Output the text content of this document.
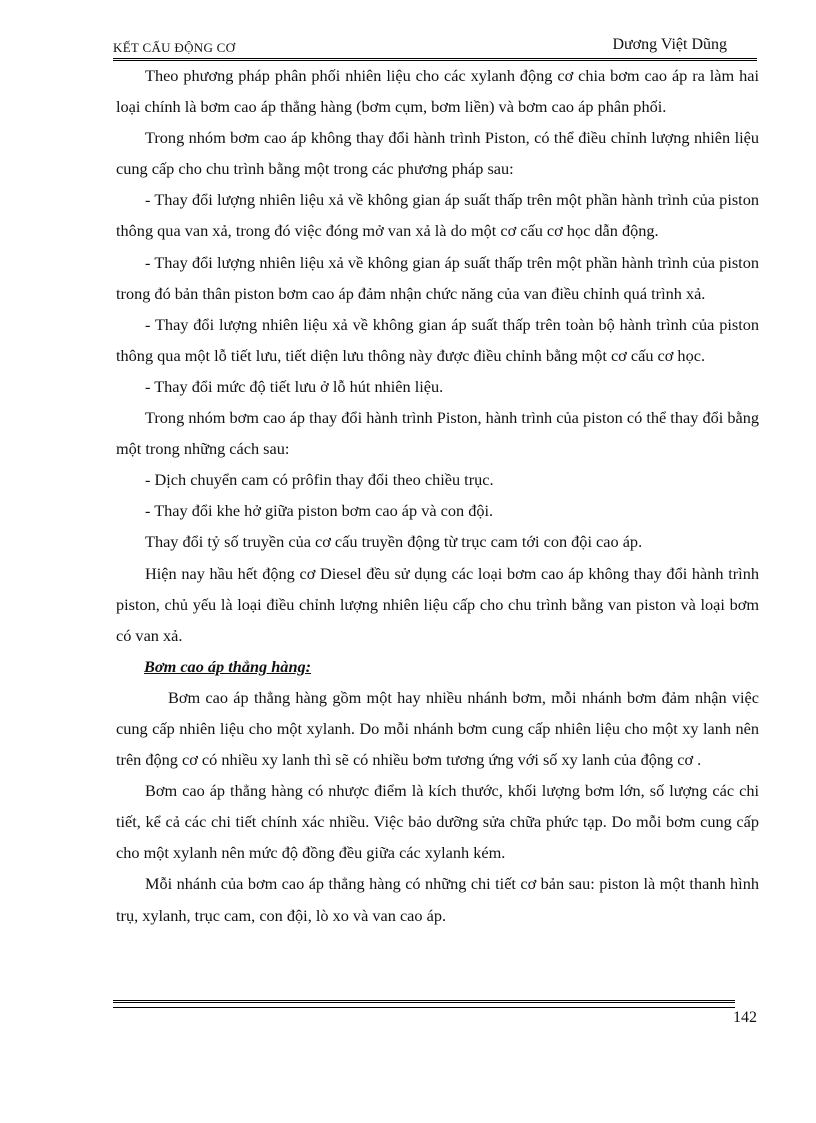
KẾT CẤU ĐỘNG CƠ	Dương Việt Dũng

Theo phương pháp phân phối nhiên liệu cho các xylanh động cơ chia bơm cao áp ra làm hai loại chính là bơm cao áp thẳng hàng (bơm cụm, bơm liền) và bơm cao áp phân phối.

Trong nhóm bơm cao áp không thay đổi hành trình Piston, có thể điều chỉnh lượng nhiên liệu cung cấp cho chu trình bằng một trong các phương pháp sau:

- Thay đổi lượng nhiên liệu xả về không gian áp suất thấp trên một phần hành trình của piston thông qua van xả, trong đó việc đóng mở van xả là do một cơ cấu cơ học dẫn động.

- Thay đổi lượng nhiên liệu xả về không gian áp suất thấp trên một phần hành trình của piston trong đó bản thân piston bơm cao áp đảm nhận chức năng của van điều chỉnh quá trình xả.

- Thay đổi lượng nhiên liệu xả về không gian áp suất thấp trên toàn bộ hành trình của piston thông qua một lỗ tiết lưu, tiết diện lưu thông này được điều chỉnh bằng một cơ cấu cơ học.

- Thay đổi mức độ tiết lưu ở lỗ hút nhiên liệu.

Trong nhóm bơm cao áp thay đổi hành trình Piston, hành trình của piston có thể thay đổi bằng một trong những cách sau:

- Dịch chuyển cam có prôfin thay đổi theo chiều trục.

- Thay đổi khe hở giữa piston bơm cao áp và con đội.

Thay đổi tỷ số truyền của cơ cấu truyền động từ trục cam tới con đội cao áp.

Hiện nay hầu hết động cơ Diesel đều sử dụng các loại bơm cao áp không thay đổi hành trình piston, chủ yếu là loại điều chỉnh lượng nhiên liệu cấp cho chu trình bằng van piston và loại bơm có van xả.

Bơm cao áp thẳng hàng:

Bơm cao áp thẳng hàng gồm một hay nhiều nhánh bơm, mỗi nhánh bơm đảm nhận việc cung cấp nhiên liệu cho một xylanh. Do mỗi nhánh bơm cung cấp nhiên liệu cho một xy lanh nên trên động cơ có nhiều xy lanh thì sẽ có nhiều bơm tương ứng với số xy lanh của động cơ .

Bơm cao áp thẳng hàng có nhược điểm là kích thước, khối lượng bơm lớn, số lượng các chi tiết, kể cả các chi tiết chính xác nhiều. Việc bảo dưỡng sửa chữa phức tạp. Do mỗi bơm cung cấp cho một xylanh nên mức độ đồng đều giữa các xylanh kém.

Mỗi nhánh của bơm cao áp thẳng hàng có những chi tiết cơ bản sau: piston là một thanh hình trụ, xylanh, trục cam, con đội, lò xo và van cao áp.

142
